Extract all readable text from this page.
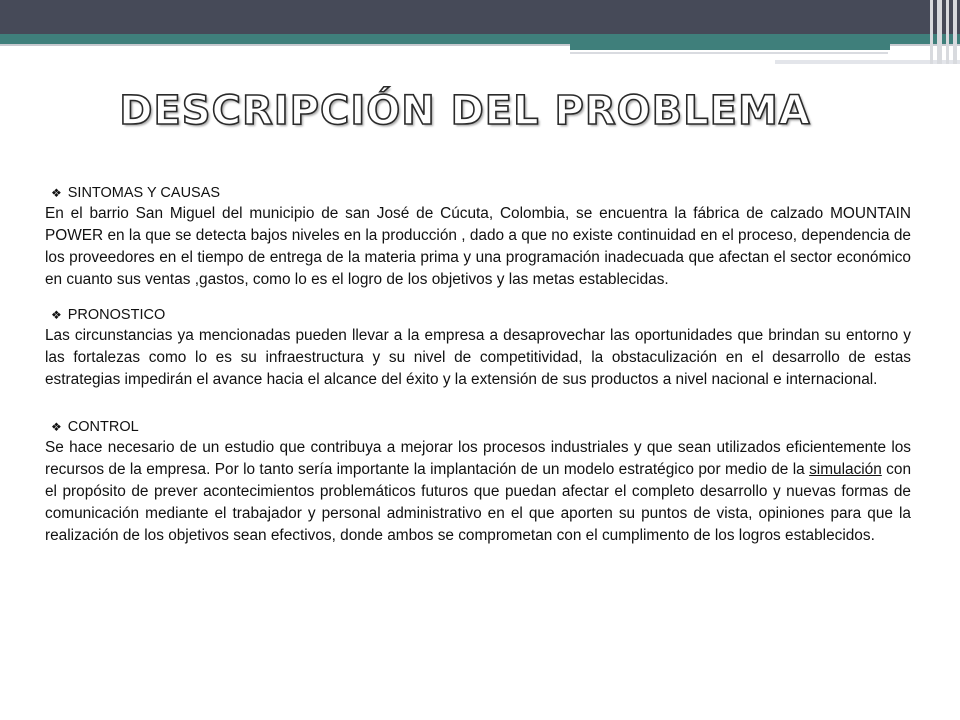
DESCRIPCIÓN DEL PROBLEMA

❖ SINTOMAS Y CAUSAS

En el barrio San Miguel del municipio de san José de Cúcuta, Colombia, se encuentra la fábrica de calzado MOUNTAIN POWER en la que se detecta bajos niveles en la producción , dado a que no existe continuidad en el proceso, dependencia de los proveedores en el tiempo de entrega de la materia prima y una programación inadecuada que afectan el sector económico en cuanto sus ventas ,gastos, como lo es el logro de los objetivos y las metas establecidas.

❖ PRONOSTICO

Las circunstancias ya mencionadas pueden llevar a la empresa a desaprovechar las oportunidades que brindan su entorno y las fortalezas como lo es su infraestructura y su nivel de competitividad, la obstaculización en el desarrollo de estas estrategias impedirán el avance hacia el alcance del éxito y la extensión de sus productos a nivel nacional e internacional.

❖ CONTROL

Se hace necesario de un estudio que contribuya a mejorar los procesos industriales y que sean utilizados eficientemente los recursos de la empresa. Por lo tanto sería importante la implantación de un modelo estratégico por medio de la simulación con el propósito de prever acontecimientos problemáticos futuros que puedan afectar el completo desarrollo y nuevas formas de comunicación mediante el trabajador y personal administrativo en el que aporten su puntos de vista, opiniones para que la realización de los objetivos sean efectivos, donde ambos se comprometan con el cumplimento de los logros establecidos.
